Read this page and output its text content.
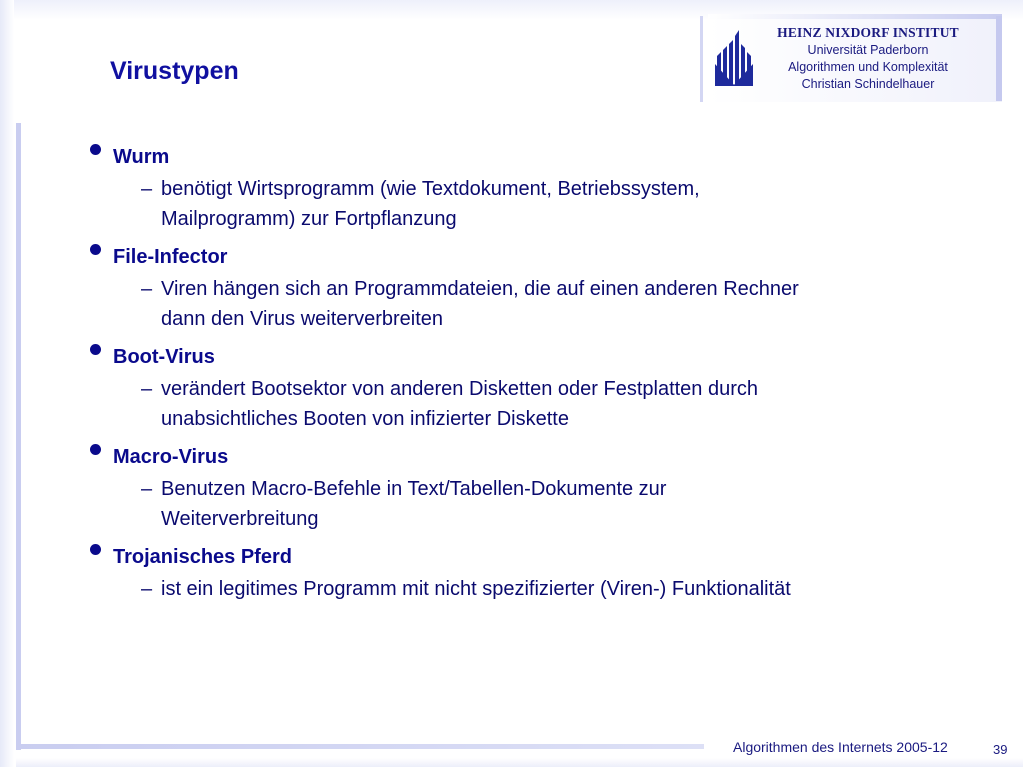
HEINZ NIXDORF INSTITUT
Universität Paderborn
Algorithmen und Komplexität
Christian Schindelhauer
Virustypen
Wurm
– benötigt Wirtsprogramm (wie Textdokument, Betriebssystem,
Mailprogramm) zur Fortpflanzung
File-Infector
– Viren hängen sich an Programmdateien, die auf einen anderen Rechner
dann den Virus weiterverbreiten
Boot-Virus
– verändert Bootsektor von anderen Disketten oder Festplatten durch
unabsichtliches Booten von infizierter Diskette
Macro-Virus
– Benutzen Macro-Befehle in Text/Tabellen-Dokumente zur
Weiterverbreitung
Trojanisches Pferd
– ist ein legitimes Programm mit nicht spezifizierter (Viren-) Funktionalität
Algorithmen des Internets 2005-12	39
